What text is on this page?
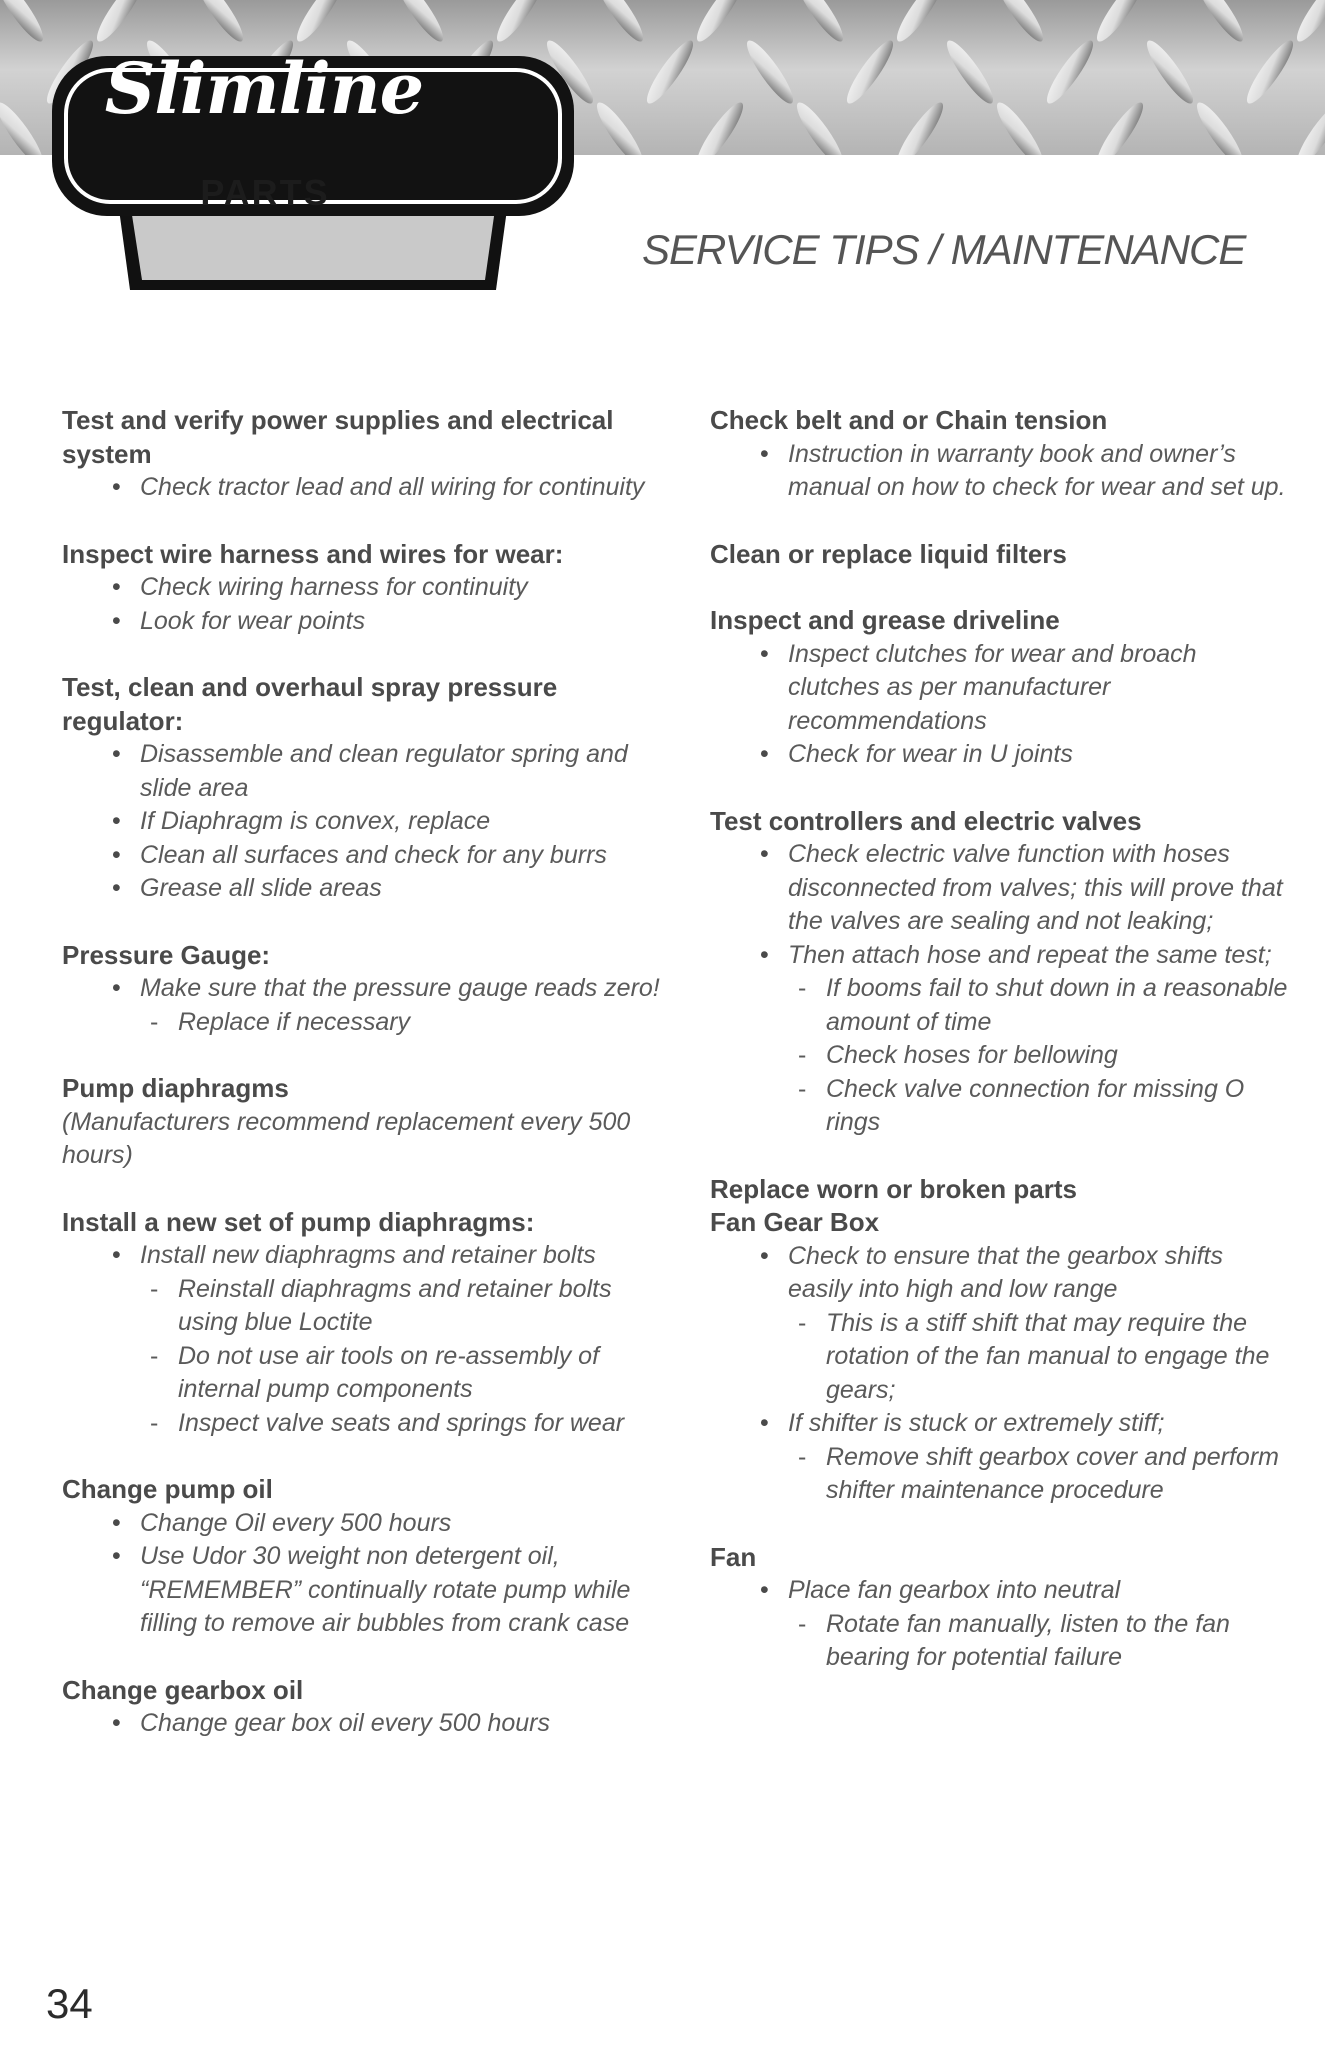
Slimline
PARTS
SERVICE TIPS / MAINTENANCE
Test and verify power supplies and electrical system
• Check tractor lead and all wiring for continuity
Inspect wire harness and wires for wear:
• Check wiring harness for continuity
• Look for wear points
Test, clean and overhaul spray pressure regulator:
• Disassemble and clean regulator spring and slide area
• If Diaphragm is convex, replace
• Clean all surfaces and check for any burrs
• Grease all slide areas
Pressure Gauge:
• Make sure that the pressure gauge reads zero!
- Replace if necessary
Pump diaphragms
(Manufacturers recommend replacement every 500 hours)
Install a new set of pump diaphragms:
• Install new diaphragms and retainer bolts
- Reinstall diaphragms and retainer bolts using blue Loctite
- Do not use air tools on re-assembly of internal pump components
- Inspect valve seats and springs for wear
Change pump oil
• Change Oil every 500 hours
• Use Udor 30 weight non detergent oil, “REMEMBER” continually rotate pump while filling to remove air bubbles from crank case
Change gearbox oil
• Change gear box oil every 500 hours
Check belt and or Chain tension
• Instruction in warranty book and owner’s manual on how to check for wear and set up.
Clean or replace liquid filters
Inspect and grease driveline
• Inspect clutches for wear and broach clutches as per manufacturer recommendations
• Check for wear in U joints
Test controllers and electric valves
• Check electric valve function with hoses disconnected from valves; this will prove that the valves are sealing and not leaking;
• Then attach hose and repeat the same test;
- If booms fail to shut down in a reasonable amount of time
- Check hoses for bellowing
- Check valve connection for missing O rings
Replace worn or broken parts
Fan Gear Box
• Check to ensure that the gearbox shifts easily into high and low range
- This is a stiff shift that may require the rotation of the fan manual to engage the gears;
• If shifter is stuck or extremely stiff;
- Remove shift gearbox cover and perform shifter maintenance procedure
Fan
• Place fan gearbox into neutral
- Rotate fan manually, listen to the fan bearing for potential failure
34
